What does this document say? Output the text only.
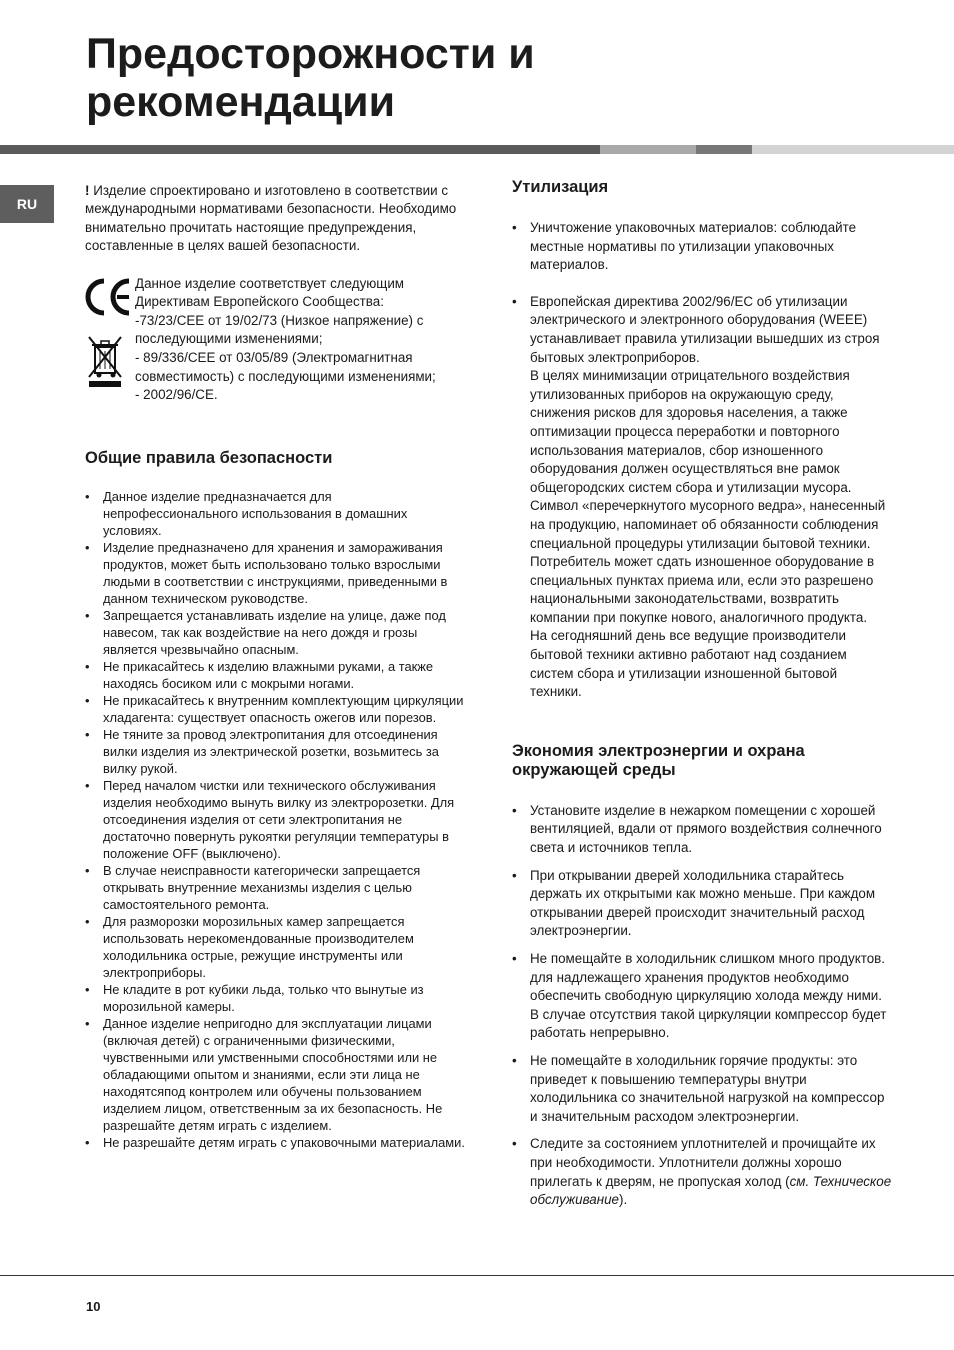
Предосторожности и
рекомендации
RU

! Изделие спроектировано и изготовлено в соответствии с международными нормативами безопасности. Необходимо внимательно прочитать настоящие предупреждения, составленные в целях вашей безопасности.

Данное изделие соответствует следующим Директивам Европейского Сообщества:

-73/23/CEE от 19/02/73 (Низкое напряжение) с последующими изменениями;

- 89/336/CEE от 03/05/89 (Электромагнитная совместимость) с последующими изменениями;

- 2002/96/CE.

Общие правила безопасности
• Данное изделие предназначается для непрофессионального использования в домашних условиях.
• Изделие предназначено для хранения и замораживания продуктов, может быть использовано только взрослыми людьми в соответствии с инструкциями, приведенными в данном техническом руководстве.
• Запрещается устанавливать изделие на улице, даже под навесом, так как воздействие на него дождя и грозы является чрезвычайно опасным.
• Не прикасайтесь к изделию влажными руками, а также находясь босиком или с мокрыми ногами.
• Не прикасайтесь к внутренним комплектующим циркуляции хладагента: существует опасность ожегов или порезов.
• Не тяните за провод электропитания для отсоединения вилки изделия из электрической розетки, возьмитесь за вилку рукой.
• Перед началом чистки или технического обслуживания изделия необходимо вынуть вилку из электророзетки. Для отсоединения изделия от сети электропитания не достаточно повернуть рукоятки регуляции температуры в положение OFF (выключено).
• В случае неисправности категорически запрещается открывать внутренние механизмы изделия с целью самостоятельного ремонта.
• Для разморозки морозильных камер запрещается использовать нерекомендованные производителем холодильника острые, режущие инструменты или электроприборы.
• Не кладите в рот кубики льда, только что вынутые из морозильной камеры.
• Данное изделие непригодно для эксплуатации лицами (включая детей) с ограниченными физическими, чувственными или умственными способностями или не обладающими опытом и знаниями, если эти лица не находятсяпод контролем или обучены пользованием изделием лицом, ответственным за их безопасность. Не разрешайте детям играть с изделием.
• Не разрешайте детям играть с упаковочными материалами.
Утилизация
• Уничтожение упаковочных материалов: соблюдайте местные нормативы по утилизации упаковочных материалов.
• Европейская директива 2002/96/EC об утилизации электрического и электронного оборудования (WEEE) устанавливает правила утилизации вышедших из строя бытовых электроприборов.

В целях минимизации отрицательного воздействия утилизованных приборов на окружающую среду, снижения рисков для здоровья населения, а также оптимизации процесса переработки и повторного использования материалов, сбор изношенного оборудования должен осуществляться вне рамок общегородских систем сбора и утилизации мусора. Символ «перечеркнутого мусорного ведра», нанесенный на продукцию, напоминает об обязанности соблюдения специальной процедуры утилизации бытовой техники.

Потребитель может сдать изношенное оборудование в специальных пунктах приема или, если это разрешено национальными законодательствами, возвратить компании при покупке нового, аналогичного продукта.

На сегодняшний день все ведущие производители бытовой техники активно работают над созданием систем сбора и утилизации изношенной бытовой техники.

Экономия электроэнергии и охрана окружающей среды
• Установите изделие в нежарком помещении с хорошей вентиляцией, вдали от прямого воздействия солнечного света и источников тепла.
• При открывании дверей холодильника старайтесь держать их открытыми как можно меньше. При каждом открывании дверей происходит значительный расход электроэнергии.
• Не помещайте в холодильник слишком много продуктов. для надлежащего хранения продуктов необходимо обеспечить свободную циркуляцию холода между ними. В случае отсутствия такой циркуляции компрессор будет работать непрерывно.
• Не помещайте в холодильник горячие продукты: это приведет к повышению температуры внутри холодильника со значительной нагрузкой на компрессор и значительным расходом электроэнергии.
• Следите за состоянием уплотнителей и прочищайте их при необходимости. Уплотнители должны хорошо прилегать к дверям, не пропуская холод (см. Техническое обслуживание).
10
